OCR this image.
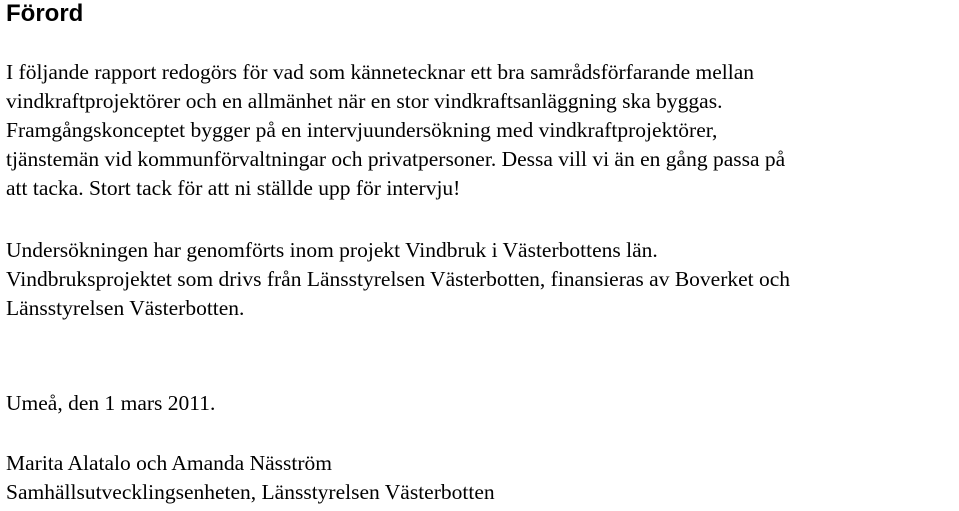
Förord

I följande rapport redogörs för vad som kännetecknar ett bra samrådsförfarande mellan
vindkraftprojektörer och en allmänhet när en stor vindkraftsanläggning ska byggas.
Framgångskonceptet bygger på en intervjuundersökning med vindkraftprojektörer,
tjänstemän vid kommunförvaltningar och privatpersoner. Dessa vill vi än en gång passa på
att tacka. Stort tack för att ni ställde upp för intervju!

Undersökningen har genomförts inom projekt Vindbruk i Västerbottens län.
Vindbruksprojektet som drivs från Länsstyrelsen Västerbotten, finansieras av Boverket och
Länsstyrelsen Västerbotten.

Umeå, den 1 mars 2011.

Marita Alatalo och Amanda Näsström
Samhällsutvecklingsenheten, Länsstyrelsen Västerbotten
